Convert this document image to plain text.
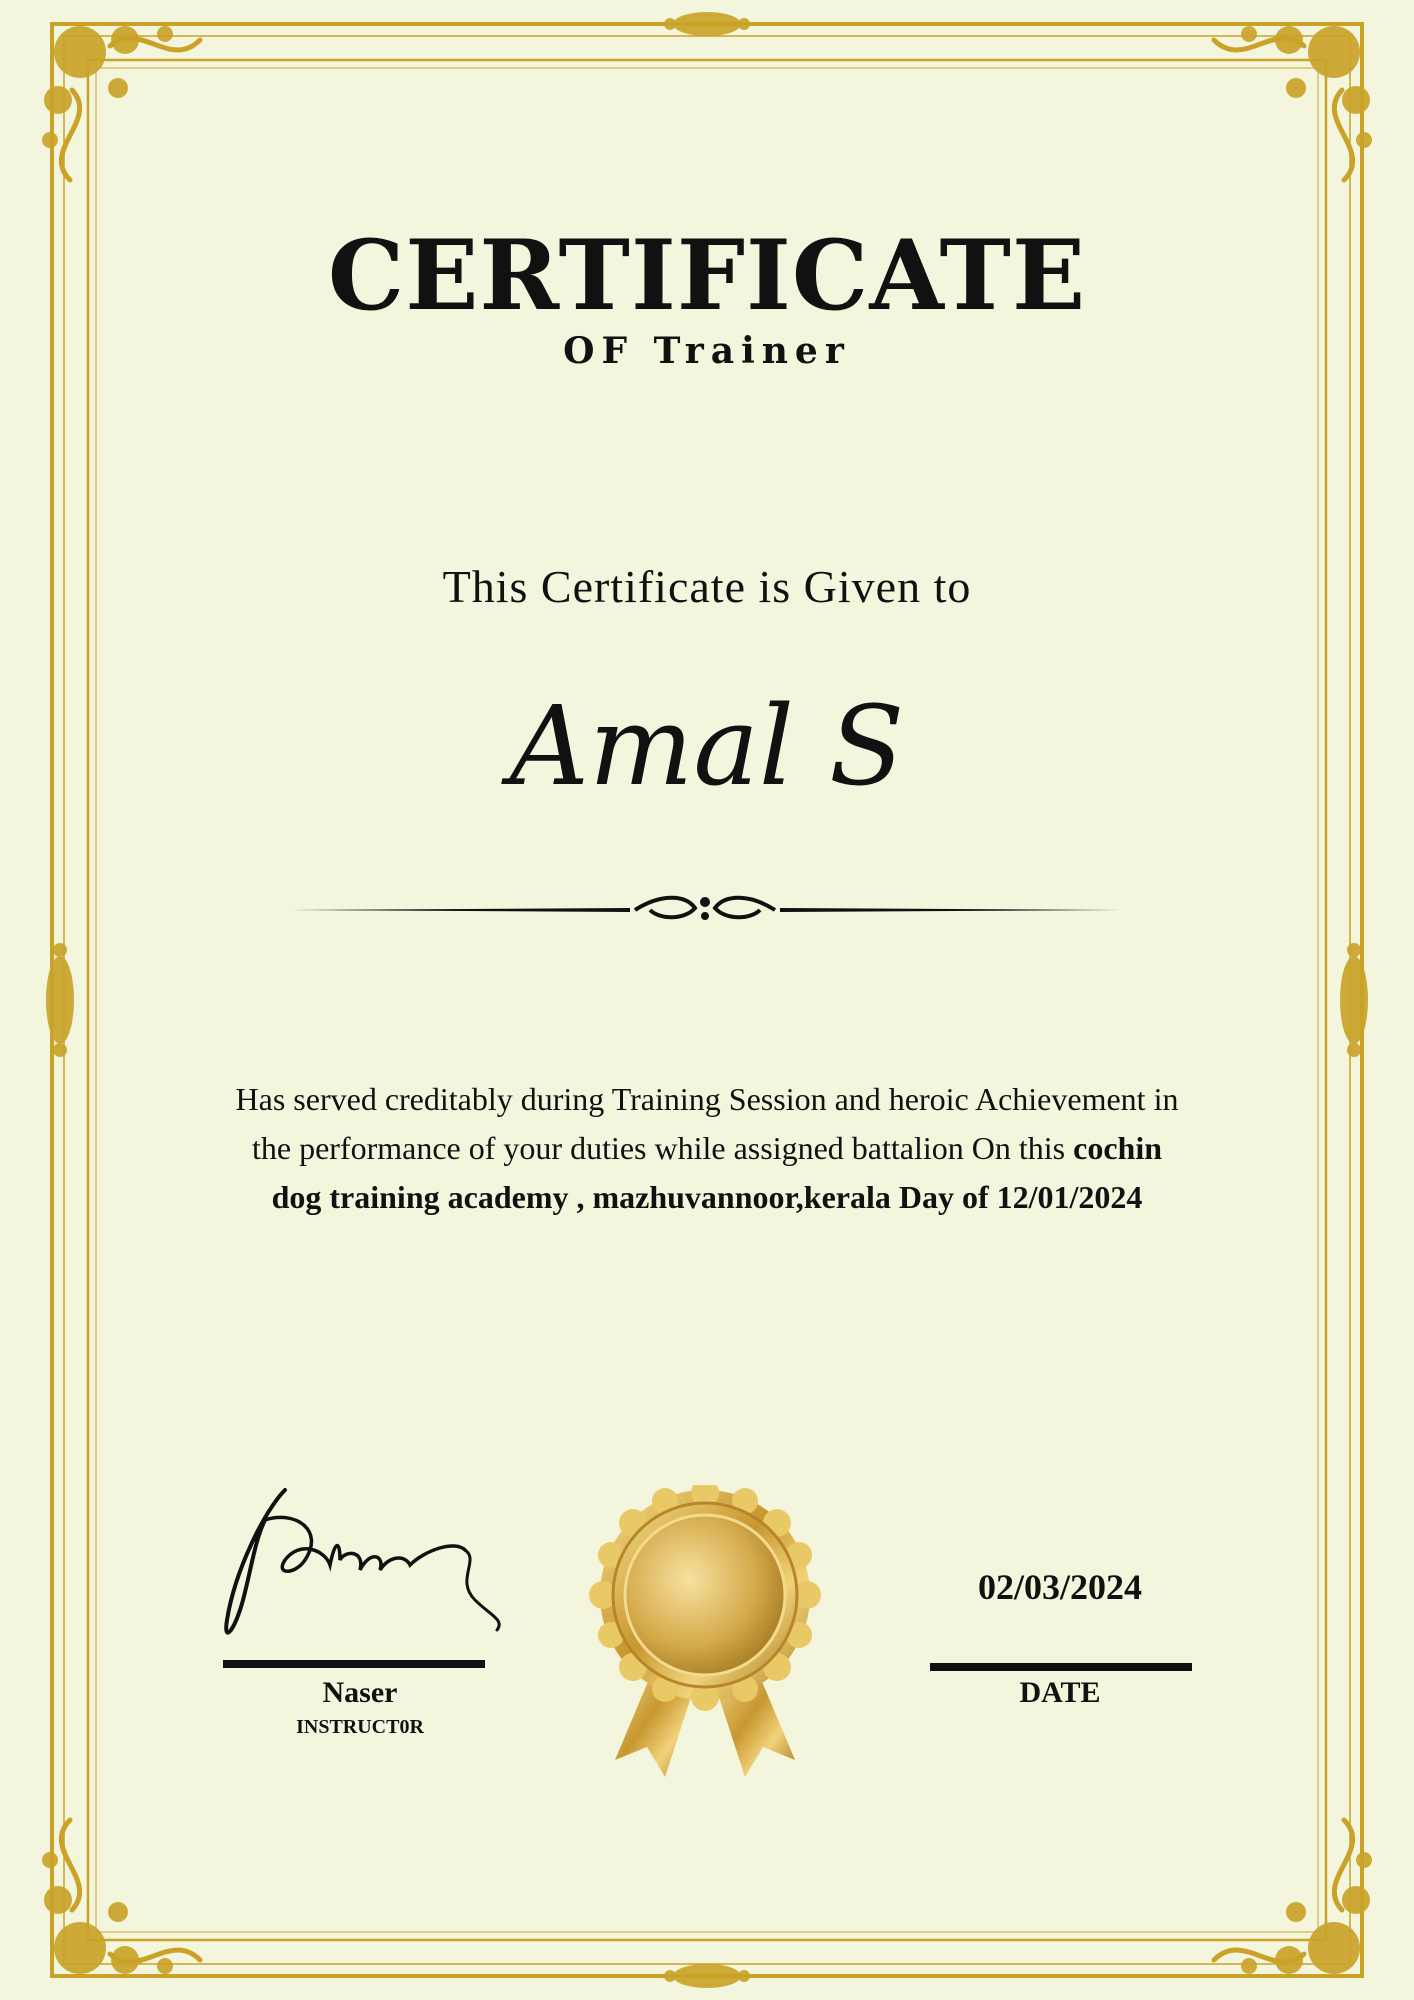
CERTIFICATE
OF Trainer
This Certificate is Given to
Amal S
Has served creditably during Training Session and heroic Achievement in
the performance of your duties while assigned battalion On this cochin
dog training academy , mazhuvannoor,kerala Day of 12/01/2024
Naser
INSTRUCT0R
02/03/2024
DATE
